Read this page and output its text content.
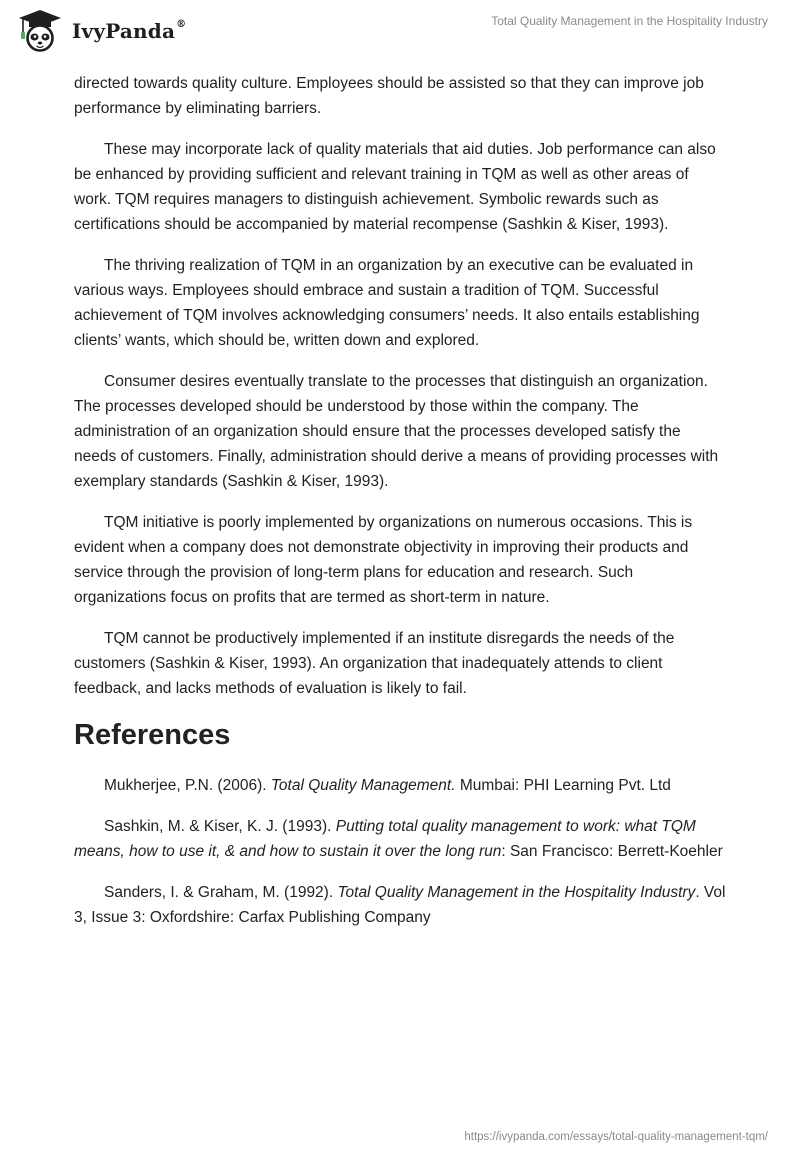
IvyPanda®	Total Quality Management in the Hospitality Industry

directed towards quality culture. Employees should be assisted so that they can improve job performance by eliminating barriers.

These may incorporate lack of quality materials that aid duties. Job performance can also be enhanced by providing sufficient and relevant training in TQM as well as other areas of work. TQM requires managers to distinguish achievement. Symbolic rewards such as certifications should be accompanied by material recompense (Sashkin & Kiser, 1993).

The thriving realization of TQM in an organization by an executive can be evaluated in various ways. Employees should embrace and sustain a tradition of TQM. Successful achievement of TQM involves acknowledging consumers’ needs. It also entails establishing clients’ wants, which should be, written down and explored.

Consumer desires eventually translate to the processes that distinguish an organization. The processes developed should be understood by those within the company. The administration of an organization should ensure that the processes developed satisfy the needs of customers. Finally, administration should derive a means of providing processes with exemplary standards (Sashkin & Kiser, 1993).

TQM initiative is poorly implemented by organizations on numerous occasions. This is evident when a company does not demonstrate objectivity in improving their products and service through the provision of long-term plans for education and research. Such organizations focus on profits that are termed as short-term in nature.

TQM cannot be productively implemented if an institute disregards the needs of the customers (Sashkin & Kiser, 1993). An organization that inadequately attends to client feedback, and lacks methods of evaluation is likely to fail.

References

Mukherjee, P.N. (2006). Total Quality Management. Mumbai: PHI Learning Pvt. Ltd

Sashkin, M. & Kiser, K. J. (1993). Putting total quality management to work: what TQM means, how to use it, & and how to sustain it over the long run: San Francisco: Berrett-Koehler

Sanders, I. & Graham, M. (1992). Total Quality Management in the Hospitality Industry. Vol 3, Issue 3: Oxfordshire: Carfax Publishing Company

https://ivypanda.com/essays/total-quality-management-tqm/
